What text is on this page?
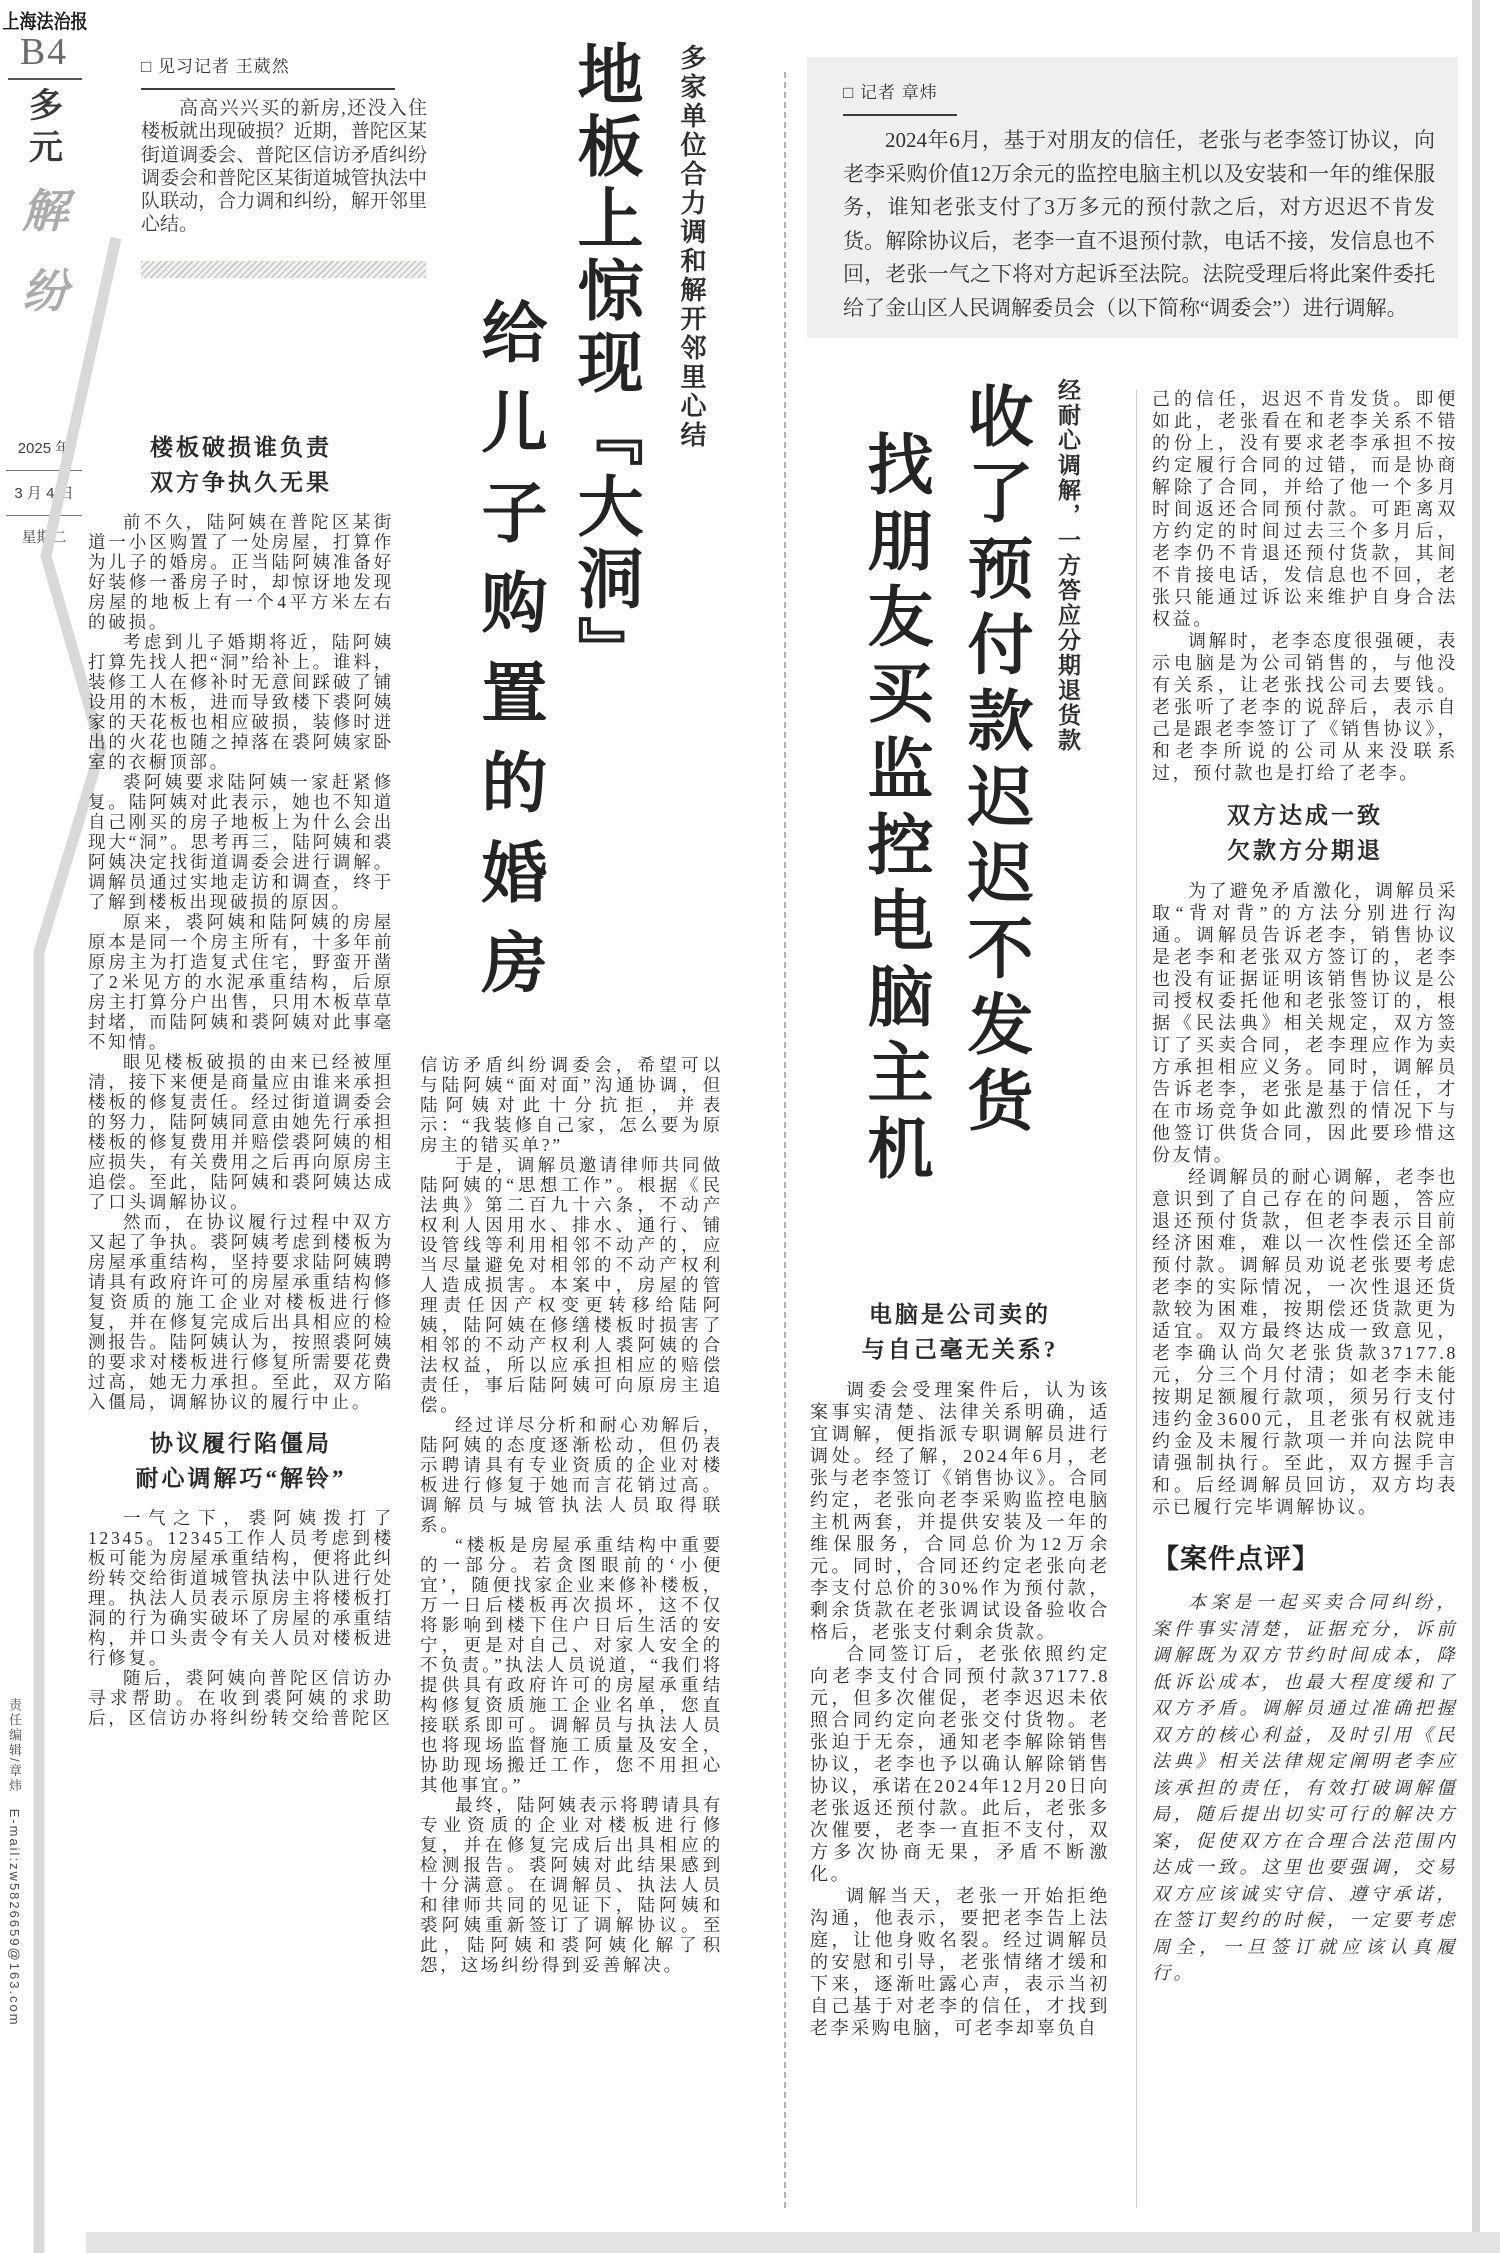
上海法治报
B4
多元
解纷
2025 年
3 月 4 日
星期二
责任编辑/章炜　E-mail:zw5826659@163.com
□ 见习记者 王葳然
高高兴兴买的新房,还没入住楼板就出现破损？近期，普陀区某街道调委会、普陀区信访矛盾纠纷调委会和普陀区某街道城管执法中队联动，合力调和纠纷，解开邻里心结。	多家单位合力调和解开邻里心结
地板上惊现『大洞』
给儿子购置的婚房
楼板破损谁负责
双方争执久无果

前不久，陆阿姨在普陀区某街道一小区购置了一处房屋，打算作为儿子的婚房。正当陆阿姨准备好好装修一番房子时，却惊讶地发现房屋的地板上有一个4平方米左右的破损。

考虑到儿子婚期将近，陆阿姨打算先找人把“洞”给补上。谁料，装修工人在修补时无意间踩破了铺设用的木板，进而导致楼下裘阿姨家的天花板也相应破损，装修时迸出的火花也随之掉落在裘阿姨家卧室的衣橱顶部。

裘阿姨要求陆阿姨一家赶紧修复。陆阿姨对此表示，她也不知道自己刚买的房子地板上为什么会出现大“洞”。思考再三，陆阿姨和裘阿姨决定找街道调委会进行调解。调解员通过实地走访和调查，终于了解到楼板出现破损的原因。

原来，裘阿姨和陆阿姨的房屋原本是同一个房主所有，十多年前原房主为打造复式住宅，野蛮开凿了2米见方的水泥承重结构，后原房主打算分户出售，只用木板草草封堵，而陆阿姨和裘阿姨对此事毫不知情。

眼见楼板破损的由来已经被厘清，接下来便是商量应由谁来承担楼板的修复责任。经过街道调委会的努力，陆阿姨同意由她先行承担楼板的修复费用并赔偿裘阿姨的相应损失，有关费用之后再向原房主追偿。至此，陆阿姨和裘阿姨达成了口头调解协议。

然而，在协议履行过程中双方又起了争执。裘阿姨考虑到楼板为房屋承重结构，坚持要求陆阿姨聘请具有政府许可的房屋承重结构修复资质的施工企业对楼板进行修复，并在修复完成后出具相应的检测报告。陆阿姨认为，按照裘阿姨的要求对楼板进行修复所需要花费过高，她无力承担。至此，双方陷入僵局，调解协议的履行中止。

协议履行陷僵局
耐心调解巧“解铃”

一气之下，裘阿姨拨打了12345。12345工作人员考虑到楼板可能为房屋承重结构，便将此纠纷转交给街道城管执法中队进行处理。执法人员表示原房主将楼板打洞的行为确实破坏了房屋的承重结构，并口头责令有关人员对楼板进行修复。

随后，裘阿姨向普陀区信访办寻求帮助。在收到裘阿姨的求助后，区信访办将纠纷转交给普陀区

信访矛盾纠纷调委会，希望可以与陆阿姨“面对面”沟通协调，但陆阿姨对此十分抗拒，并表示：“我装修自己家，怎么要为原房主的错买单?”

于是，调解员邀请律师共同做陆阿姨的“思想工作”。根据《民法典》第二百九十六条，不动产权利人因用水、排水、通行、铺设管线等利用相邻不动产的，应当尽量避免对相邻的不动产权利人造成损害。本案中，房屋的管理责任因产权变更转移给陆阿姨，陆阿姨在修缮楼板时损害了相邻的不动产权利人裘阿姨的合法权益，所以应承担相应的赔偿责任，事后陆阿姨可向原房主追偿。

经过详尽分析和耐心劝解后，陆阿姨的态度逐渐松动，但仍表示聘请具有专业资质的企业对楼板进行修复于她而言花销过高。调解员与城管执法人员取得联系。

“楼板是房屋承重结构中重要的一部分。若贪图眼前的‘小便宜’，随便找家企业来修补楼板，万一日后楼板再次损坏，这不仅将影响到楼下住户日后生活的安宁，更是对自己、对家人安全的不负责。”执法人员说道，“我们将提供具有政府许可的房屋承重结构修复资质施工企业名单，您直接联系即可。调解员与执法人员也将现场监督施工质量及安全，协助现场搬迁工作，您不用担心其他事宜。”

最终，陆阿姨表示将聘请具有专业资质的企业对楼板进行修复，并在修复完成后出具相应的检测报告。裘阿姨对此结果感到十分满意。在调解员、执法人员和律师共同的见证下，陆阿姨和裘阿姨重新签订了调解协议。至此，陆阿姨和裘阿姨化解了积怨，这场纠纷得到妥善解决。

□ 记者 章炜
2024年6月，基于对朋友的信任，老张与老李签订协议，向老李采购价值12万余元的监控电脑主机以及安装和一年的维保服务，谁知老张支付了3万多元的预付款之后，对方迟迟不肯发货。解除协议后，老李一直不退预付款，电话不接，发信息也不回，老张一气之下将对方起诉至法院。法院受理后将此案件委托给了金山区人民调解委员会（以下简称“调委会”）进行调解。
经耐心调解，一方答应分期退货款
收了预付款迟迟不发货
找朋友买监控电脑主机
电脑是公司卖的
与自己毫无关系?

调委会受理案件后，认为该案事实清楚、法律关系明确，适宜调解，便指派专职调解员进行调处。经了解，2024年6月，老张与老李签订《销售协议》。合同约定，老张向老李采购监控电脑主机两套，并提供安装及一年的维保服务，合同总价为12万余元。同时，合同还约定老张向老李支付总价的30%作为预付款，剩余货款在老张调试设备验收合格后，老张支付剩余货款。

合同签订后，老张依照约定向老李支付合同预付款37177.8元，但多次催促，老李迟迟未依照合同约定向老张交付货物。老张迫于无奈，通知老李解除销售协议，老李也予以确认解除销售协议，承诺在2024年12月20日向老张返还预付款。此后，老张多次催要，老李一直拒不支付，双方多次协商无果，矛盾不断激化。

调解当天，老张一开始拒绝沟通，他表示，要把老李告上法庭，让他身败名裂。经过调解员的安慰和引导，老张情绪才缓和下来，逐渐吐露心声，表示当初自己基于对老李的信任，才找到老李采购电脑，可老李却辜负自

己的信任，迟迟不肯发货。即便如此，老张看在和老李关系不错的份上，没有要求老李承担不按约定履行合同的过错，而是协商解除了合同，并给了他一个多月时间返还合同预付款。可距离双方约定的时间过去三个多月后，老李仍不肯退还预付货款，其间不肯接电话，发信息也不回，老张只能通过诉讼来维护自身合法权益。

调解时，老李态度很强硬，表示电脑是为公司销售的，与他没有关系，让老张找公司去要钱。老张听了老李的说辞后，表示自己是跟老李签订了《销售协议》，和老李所说的公司从来没联系过，预付款也是打给了老李。

双方达成一致
欠款方分期退

为了避免矛盾激化，调解员采取“背对背”的方法分别进行沟通。调解员告诉老李，销售协议是老李和老张双方签订的，老李也没有证据证明该销售协议是公司授权委托他和老张签订的，根据《民法典》相关规定，双方签订了买卖合同，老李理应作为卖方承担相应义务。同时，调解员告诉老李，老张是基于信任，才在市场竞争如此激烈的情况下与他签订供货合同，因此要珍惜这份友情。

经调解员的耐心调解，老李也意识到了自己存在的问题，答应退还预付货款，但老李表示目前经济困难，难以一次性偿还全部预付款。调解员劝说老张要考虑老李的实际情况，一次性退还货款较为困难，按期偿还货款更为适宜。双方最终达成一致意见，老李确认尚欠老张货款37177.8元，分三个月付清；如老李未能按期足额履行款项，须另行支付违约金3600元，且老张有权就违约金及未履行款项一并向法院申请强制执行。至此，双方握手言和。后经调解员回访，双方均表示已履行完毕调解协议。

【案件点评】

本案是一起买卖合同纠纷，案件事实清楚，证据充分，诉前调解既为双方节约时间成本，降低诉讼成本，也最大程度缓和了双方矛盾。调解员通过准确把握双方的核心利益，及时引用《民法典》相关法律规定阐明老李应该承担的责任，有效打破调解僵局，随后提出切实可行的解决方案，促使双方在合理合法范围内达成一致。这里也要强调，交易双方应该诚实守信、遵守承诺，在签订契约的时候，一定要考虑周全，一旦签订就应该认真履行。
